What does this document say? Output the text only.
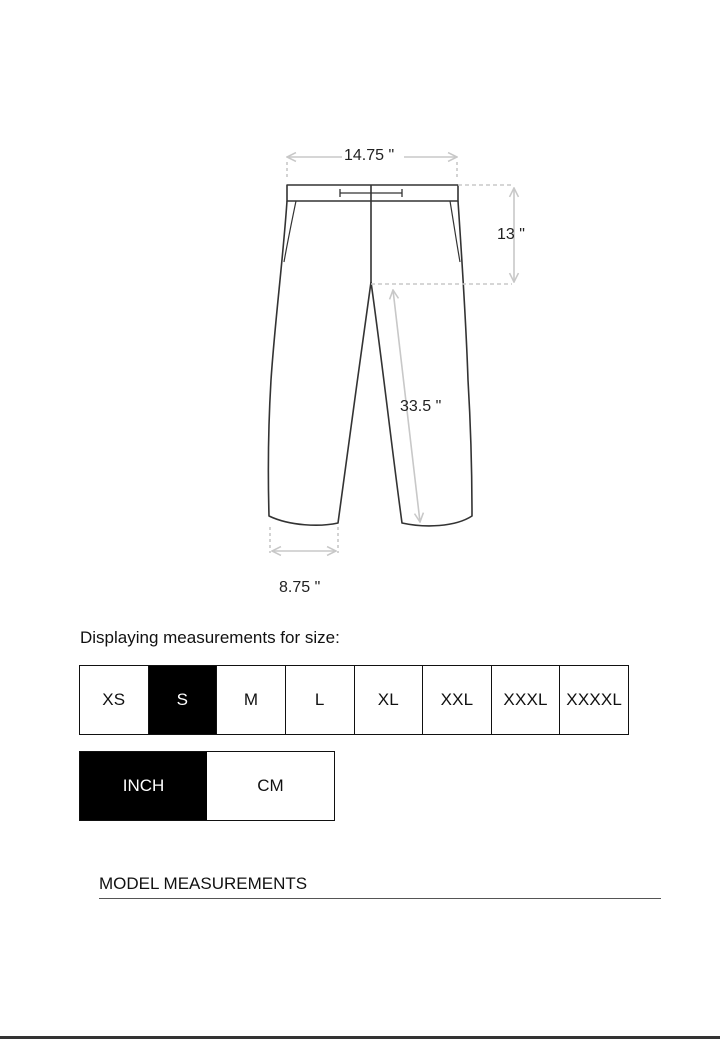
14.75 "
13 "
33.5 "
8.75 "
Displaying measurements for size:
XS	S	M	L	XL	XXL	XXXL	XXXXL
INCH	CM
MODEL MEASUREMENTS
